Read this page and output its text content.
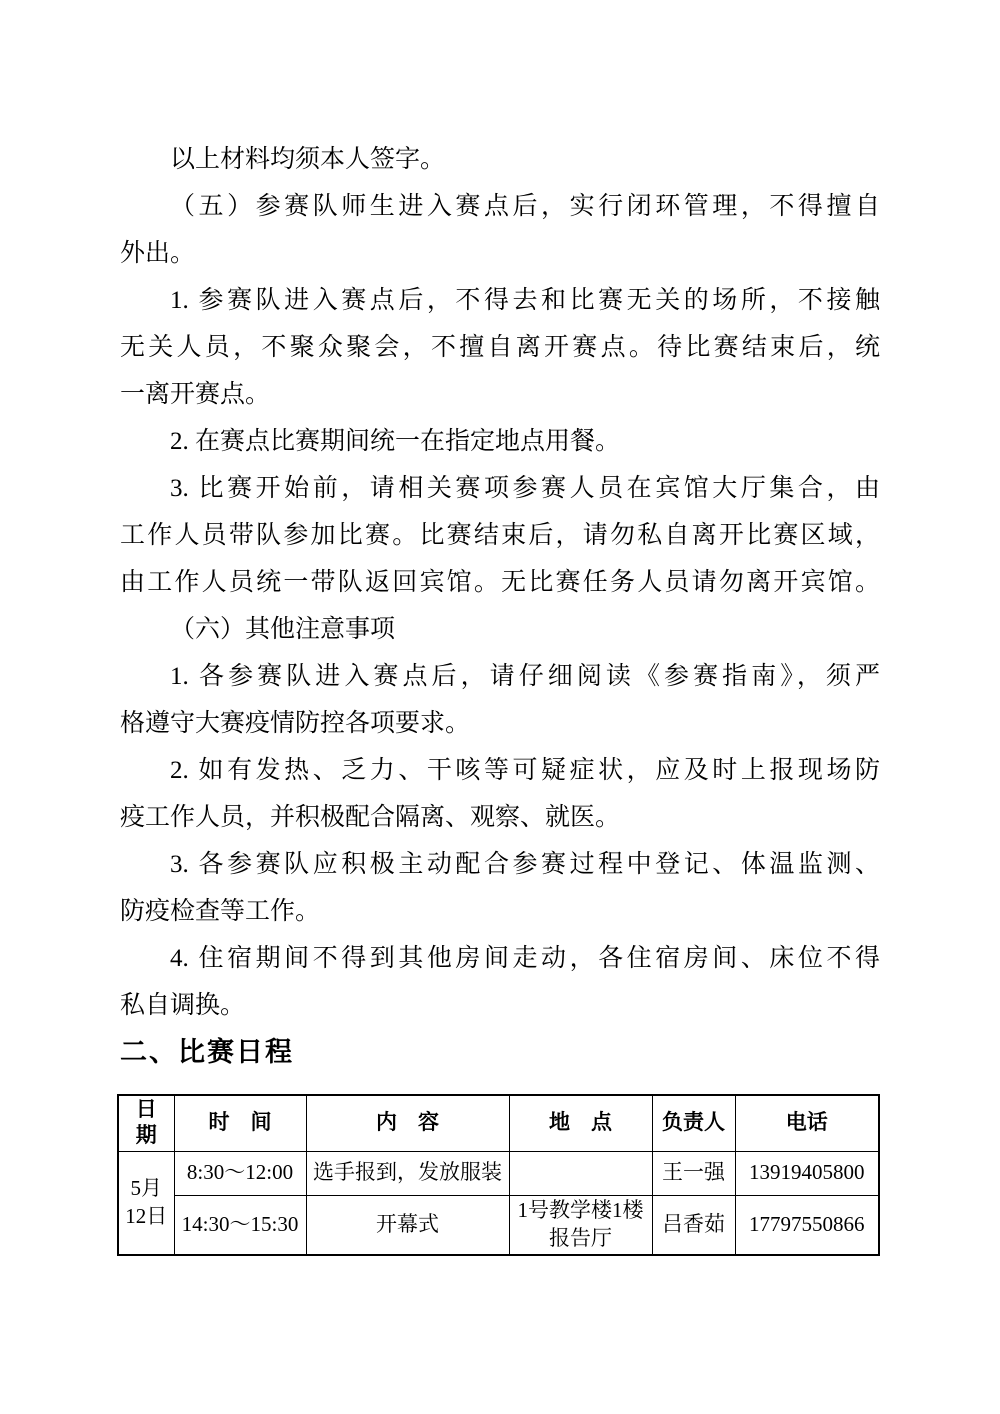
以上材料均须本人签字。
（五）参赛队师生进入赛点后，实行闭环管理，不得擅自
外出。
1. 参赛队进入赛点后，不得去和比赛无关的场所，不接触
无关人员，不聚众聚会，不擅自离开赛点。待比赛结束后，统
一离开赛点。
2. 在赛点比赛期间统一在指定地点用餐。
3. 比赛开始前，请相关赛项参赛人员在宾馆大厅集合，由
工作人员带队参加比赛。比赛结束后，请勿私自离开比赛区域，
由工作人员统一带队返回宾馆。无比赛任务人员请勿离开宾馆。
（六）其他注意事项
1. 各参赛队进入赛点后，请仔细阅读《参赛指南》，须严
格遵守大赛疫情防控各项要求。
2. 如有发热、乏力、干咳等可疑症状，应及时上报现场防
疫工作人员，并积极配合隔离、观察、就医。
3. 各参赛队应积极主动配合参赛过程中登记、体温监测、
防疫检查等工作。
4. 住宿期间不得到其他房间走动，各住宿房间、床位不得
私自调换。
二、比赛日程
日期	时　间	内　容	地　点	负责人	电话

5月
12日	8:30～12:00	选手报到，发放服装		王一强	13919405800
	14:30～15:30	开幕式	1号教学楼1楼
报告厅	吕香茹	17797550866
